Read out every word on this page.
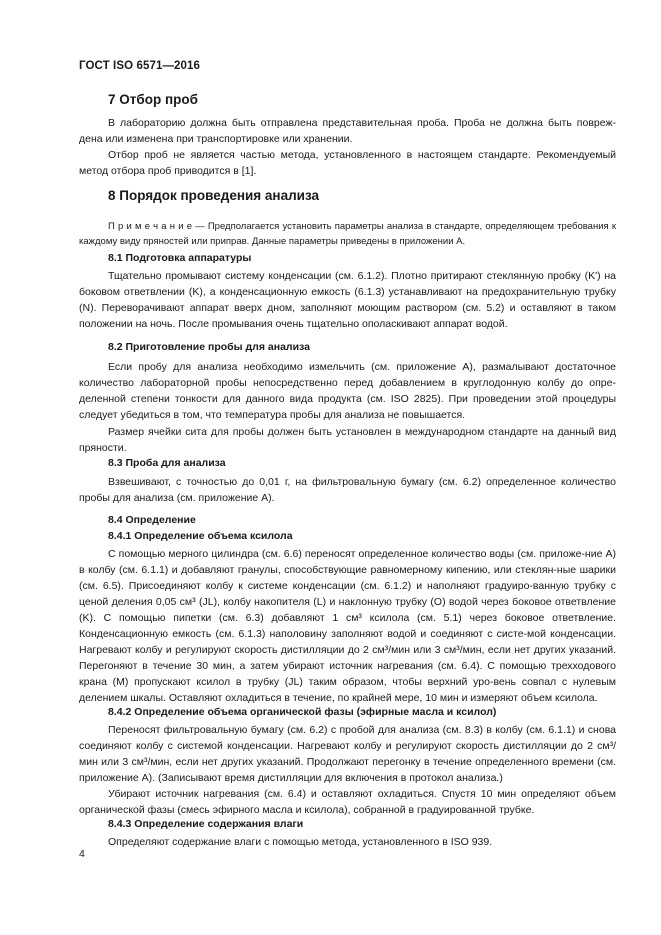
ГОСТ ISO 6571—2016
7 Отбор проб
В лабораторию должна быть отправлена представительная проба. Проба не должна быть повреж-дена или изменена при транспортировке или хранении.
Отбор проб не является частью метода, установленного в настоящем стандарте. Рекомендуемый метод отбора проб приводится в [1].
8 Порядок проведения анализа
П р и м е ч а н и е — Предполагается установить параметры анализа в стандарте, определяющем требования к каждому виду пряностей или приправ. Данные параметры приведены в приложении А.
8.1 Подготовка аппаратуры
Тщательно промывают систему конденсации (см. 6.1.2). Плотно притирают стеклянную пробку (K') на боковом ответвлении (K), а конденсационную емкость (6.1.3) устанавливают на предохранительную трубку (N). Переворачивают аппарат вверх дном, заполняют моющим раствором (см. 5.2) и оставляют в таком положении на ночь. После промывания очень тщательно ополаскивают аппарат водой.
8.2 Приготовление пробы для анализа
Если пробу для анализа необходимо измельчить (см. приложение А), размалывают достаточное количество лабораторной пробы непосредственно перед добавлением в круглодонную колбу до опре-деленной степени тонкости для данного вида продукта (см. ISO 2825). При проведении этой процедуры следует убедиться в том, что температура пробы для анализа не повышается.
Размер ячейки сита для пробы должен быть установлен в международном стандарте на данный вид пряности.
8.3 Проба для анализа
Взвешивают, с точностью до 0,01 г, на фильтровальную бумагу (см. 6.2) определенное количество пробы для анализа (см. приложение А).
8.4 Определение
8.4.1 Определение объема ксилола
С помощью мерного цилиндра (см. 6.6) переносят определенное количество воды (см. приложе-ние А) в колбу (см. 6.1.1) и добавляют гранулы, способствующие равномерному кипению, или стеклян-ные шарики (см. 6.5). Присоединяют колбу к системе конденсации (см. 6.1.2) и наполняют градуиро-ванную трубку с ценой деления 0,05 см³ (JL), колбу накопителя (L) и наклонную трубку (O) водой через боковое ответвление (K). С помощью пипетки (см. 6.3) добавляют 1 см³ ксилола (см. 5.1) через боковое ответвление. Конденсационную емкость (см. 6.1.3) наполовину заполняют водой и соединяют с систе-мой конденсации. Нагревают колбу и регулируют скорость дистилляции до 2 см³/мин или 3 см³/мин, если нет других указаний. Перегоняют в течение 30 мин, а затем убирают источник нагревания (см. 6.4). С помощью трехходового крана (M) пропускают ксилол в трубку (JL) таким образом, чтобы верхний уро-вень совпал с нулевым делением шкалы. Оставляют охладиться в течение, по крайней мере, 10 мин и измеряют объем ксилола.
8.4.2 Определение объема органической фазы (эфирные масла и ксилол)
Переносят фильтровальную бумагу (см. 6.2) с пробой для анализа (см. 8.3) в колбу (см. 6.1.1) и снова соединяют колбу с системой конденсации. Нагревают колбу и регулируют скорость дистилляции до 2 см³/мин или 3 см³/мин, если нет других указаний. Продолжают перегонку в течение определенного времени (см. приложение А). (Записывают время дистилляции для включения в протокол анализа.)
Убирают источник нагревания (см. 6.4) и оставляют охладиться. Спустя 10 мин определяют объем органической фазы (смесь эфирного масла и ксилола), собранной в градуированной трубке.
8.4.3 Определение содержания влаги
Определяют содержание влаги с помощью метода, установленного в ISO 939.
4
